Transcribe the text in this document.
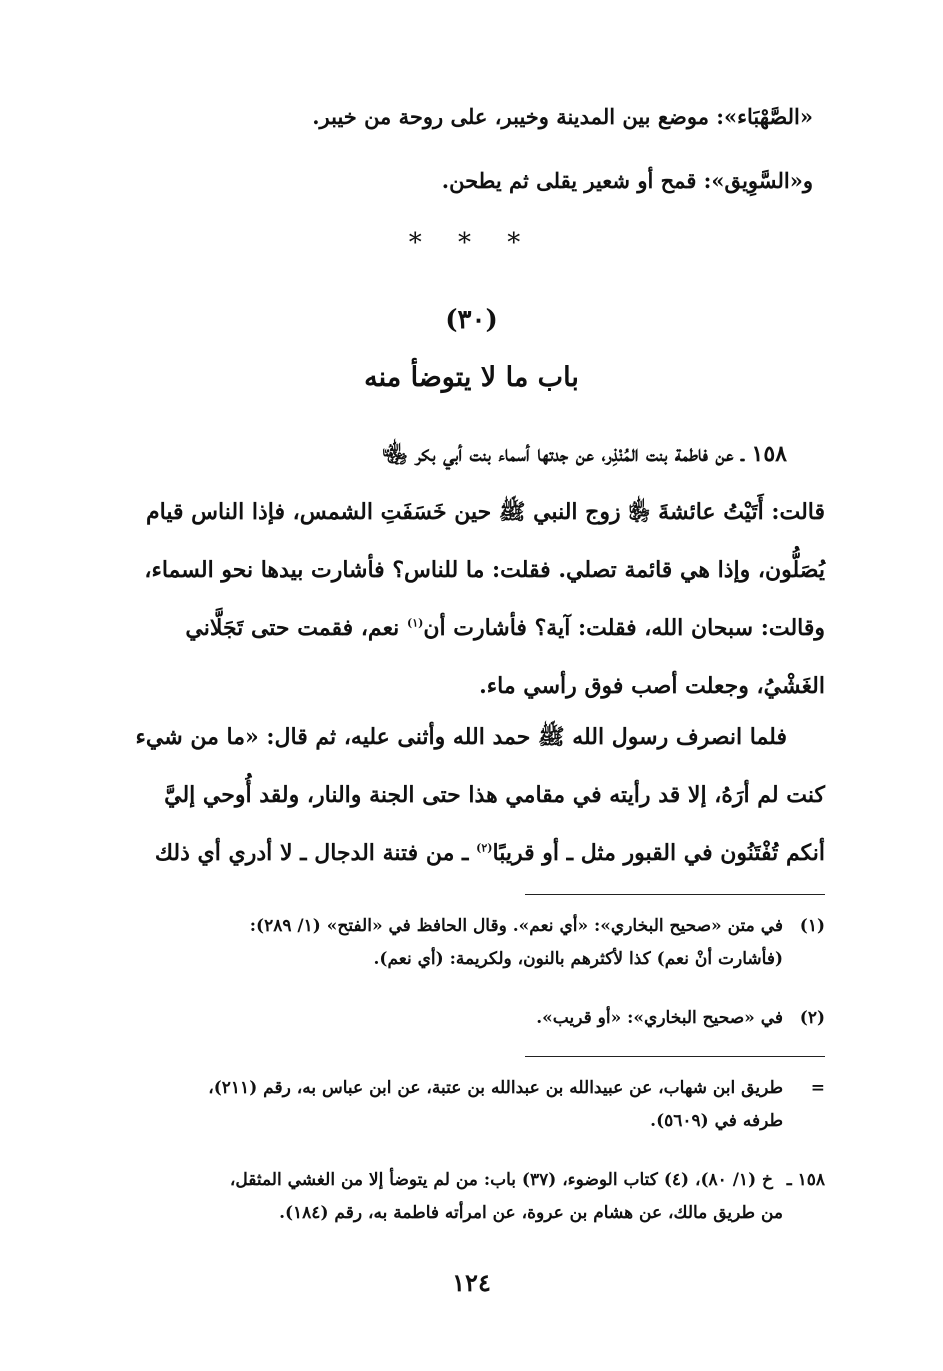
«الصَّهْبَاء»: موضع بين المدينة وخيبر، على روحة من خيبر.
و«السَّوِيق»: قمح أو شعير يقلى ثم يطحن.
* * *
(٣٠)
باب ما لا يتوضأ منه

١٥٨ ـ عن فاطمة بنت المُنْذِر، عن جدتها أسماء بنت أبي بكر ﵄

قالت: أَتَيْتُ عائشةَ ﵂ زوج النبي ﷺ حين خَسَفَتِ الشمس، فإذا الناس قيام

يُصَلُّون، وإذا هي قائمة تصلي. فقلت: ما للناس؟ فأشارت بيدها نحو السماء،

وقالت: سبحان الله، فقلت: آية؟ فأشارت أن$^{(١)}$ نعم، فقمت حتى تَجَلَّاني

الغَشْيُ، وجعلت أصب فوق رأسي ماء.

فلما انصرف رسول الله ﷺ حمد الله وأثنى عليه، ثم قال: «ما من شيء

كنت لم أرَهُ، إلا قد رأيته في مقامي هذا حتى الجنة والنار، ولقد أُوحي إليَّ

أنكم تُفْتَنُون في القبور مثل ـ أو قريبًا$^{(٢)}$ ـ من فتنة الدجال ـ لا أدري أي ذلك

(١)في متن «صحيح البخاري»: «أي نعم». وقال الحافظ في «الفتح» (١/ ٢٨٩):
(فأشارت أنْ نعم) كذا لأكثرهم بالنون، ولكريمة: (أي نعم).
(٢)في «صحيح البخاري»: «أو قريب».
=طريق ابن شهاب، عن عبيدالله بن عبدالله بن عتبة، عن ابن عباس به، رقم (٢١١)،
طرفه في (٥٦٠٩).
١٥٨ ـخ (١/ ٨٠)، (٤) كتاب الوضوء، (٣٧) باب: من لم يتوضأ إلا من الغشي المثقل،
من طريق مالك، عن هشام بن عروة، عن امرأته فاطمة به، رقم (١٨٤).
١٢٤
